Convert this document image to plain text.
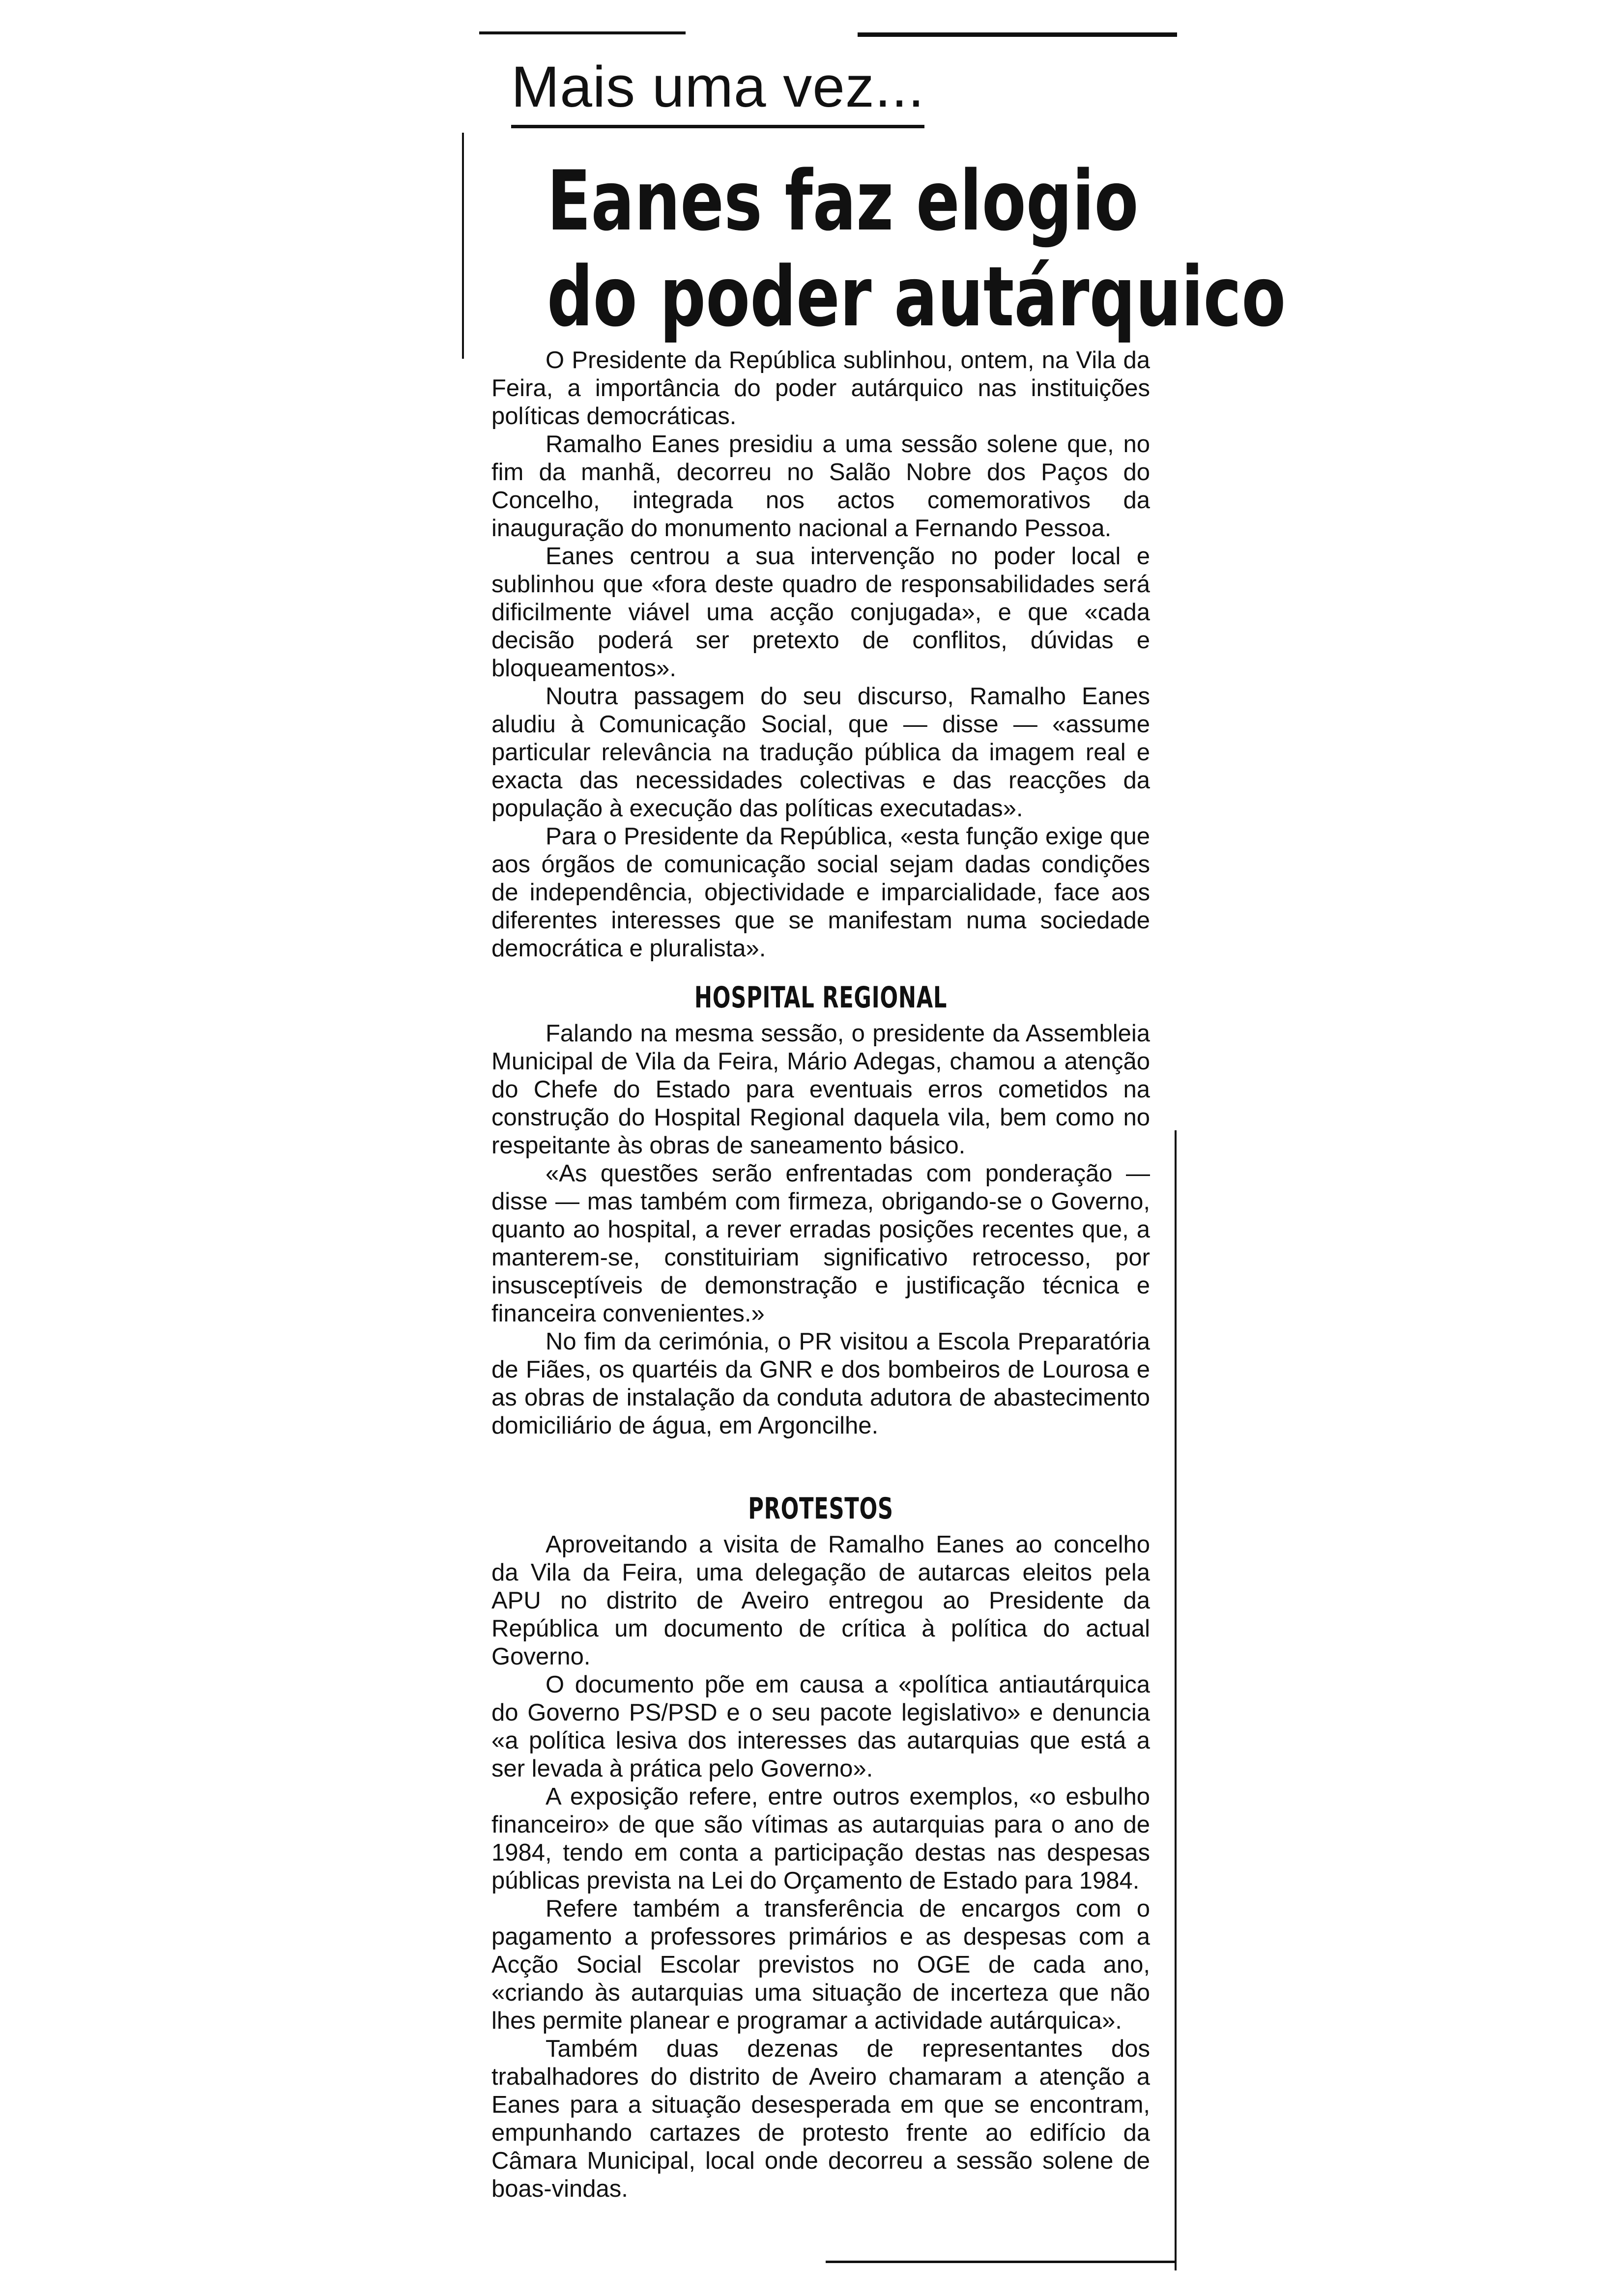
Mais uma vez...
Eanes faz elogio
do poder autárquico

O Presidente da República sublinhou, ontem, na Vila da Feira, a importância do poder autárquico nas instituições políticas democráticas.

Ramalho Eanes presidiu a uma sessão solene que, no fim da manhã, decorreu no Salão Nobre dos Paços do Concelho, integrada nos actos comemorativos da inauguração do monumento nacional a Fernando Pessoa.

Eanes centrou a sua intervenção no poder local e sublinhou que «fora deste quadro de responsabilidades será dificilmente viável uma acção conjugada», e que «cada decisão poderá ser pretexto de conflitos, dúvidas e bloqueamentos».

Noutra passagem do seu discurso, Ramalho Eanes aludiu à Comunicação Social, que — disse — «assume particular relevância na tradução pública da imagem real e exacta das necessidades colectivas e das reacções da população à execução das políticas executadas».

Para o Presidente da República, «esta função exige que aos órgãos de comunicação social sejam dadas condições de independência, objectividade e imparcialidade, face aos diferentes interesses que se manifestam numa sociedade democrática e pluralista».

HOSPITAL REGIONAL

Falando na mesma sessão, o presidente da Assembleia Municipal de Vila da Feira, Mário Adegas, chamou a atenção do Chefe do Estado para eventuais erros cometidos na construção do Hospital Regional daquela vila, bem como no respeitante às obras de saneamento básico.

«As questões serão enfrentadas com ponderação — disse — mas também com firmeza, obrigando-se o Governo, quanto ao hospital, a rever erradas posições recentes que, a manterem-se, constituiriam significativo retrocesso, por insusceptíveis de demonstração e justificação técnica e financeira convenientes.»

No fim da cerimónia, o PR visitou a Escola Preparatória de Fiães, os quartéis da GNR e dos bombeiros de Lourosa e as obras de instalação da conduta adutora de abastecimento domiciliário de água, em Argoncilhe.

PROTESTOS

Aproveitando a visita de Ramalho Eanes ao concelho da Vila da Feira, uma delegação de autarcas eleitos pela APU no distrito de Aveiro entregou ao Presidente da República um documento de crítica à política do actual Governo.

O documento põe em causa a «política antiautárquica do Governo PS/PSD e o seu pacote legislativo» e denuncia «a política lesiva dos interesses das autarquias que está a ser levada à prática pelo Governo».

A exposição refere, entre outros exemplos, «o esbulho financeiro» de que são vítimas as autarquias para o ano de 1984, tendo em conta a participação destas nas despesas públicas prevista na Lei do Orçamento de Estado para 1984.

Refere também a transferência de encargos com o pagamento a professores primários e as despesas com a Acção Social Escolar previstos no OGE de cada ano, «criando às autarquias uma situação de incerteza que não lhes permite planear e programar a actividade autárquica».

Também duas dezenas de representantes dos trabalhadores do distrito de Aveiro chamaram a atenção a Eanes para a situação desesperada em que se encontram, empunhando cartazes de protesto frente ao edifício da Câmara Municipal, local onde decorreu a sessão solene de boas-vindas.
